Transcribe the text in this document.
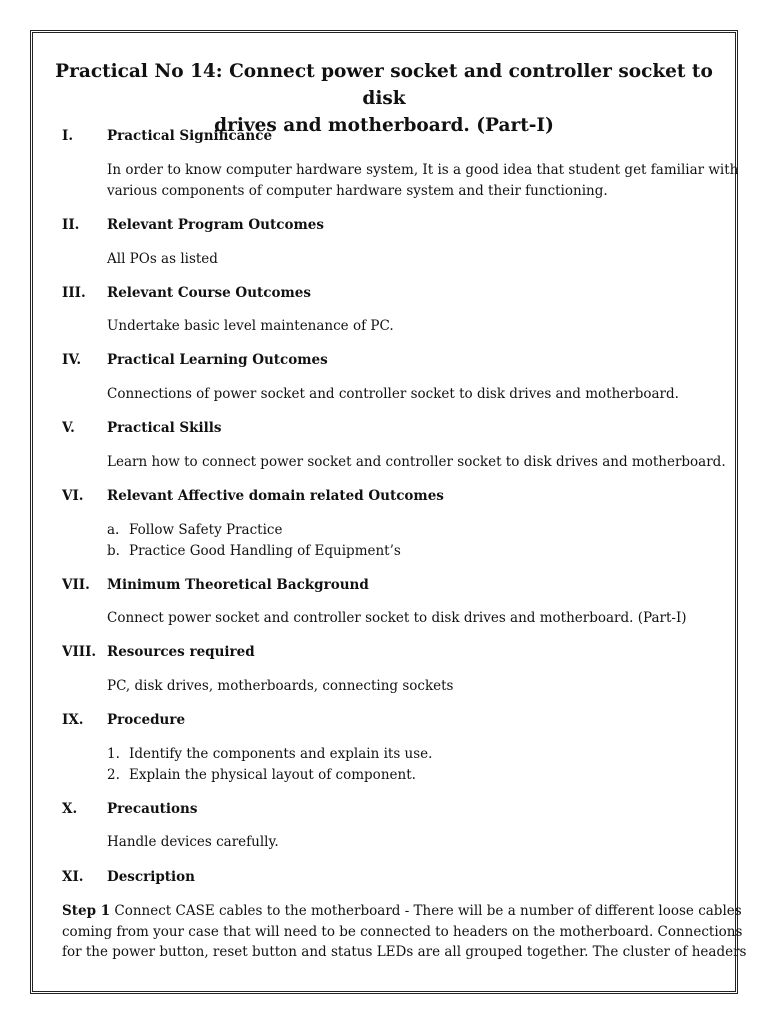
Practical No 14: Connect power socket and controller socket to disk
drives and motherboard. (Part-I)
I.	Practical Significance
In order to know computer hardware system, It is a good idea that student get familiar with
various components of computer hardware system and their functioning.
II. Relevant Program Outcomes
All POs as listed
III. Relevant Course Outcomes
Undertake basic level maintenance of PC.
IV. Practical Learning Outcomes
Connections of power socket and controller socket to disk drives and motherboard.
V. Practical Skills
Learn how to connect power socket and controller socket to disk drives and motherboard.
VI. Relevant Affective domain related Outcomes
a. Follow Safety Practice
b. Practice Good Handling of Equipment’s
VII. Minimum Theoretical Background
Connect power socket and controller socket to disk drives and motherboard. (Part-I)
VIII. Resources required
PC, disk drives, motherboards, connecting sockets
IX. Procedure
1. Identify the components and explain its use.
2. Explain the physical layout of component.
X. Precautions
Handle devices carefully.
XI. Description
Step 1 Connect CASE cables to the motherboard - There will be a number of different loose cables
coming from your case that will need to be connected to headers on the motherboard. Connections
for the power button, reset button and status LEDs are all grouped together. The cluster of headers
